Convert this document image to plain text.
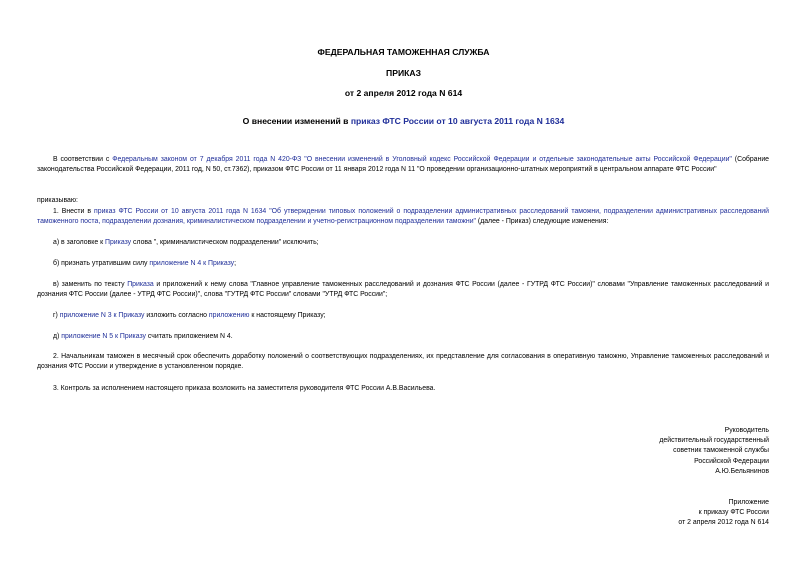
ФЕДЕРАЛЬНАЯ ТАМОЖЕННАЯ СЛУЖБА
ПРИКАЗ
от 2 апреля 2012 года N 614
О внесении изменений в приказ ФТС России от 10 августа 2011 года N 1634
В соответствии с Федеральным законом от 7 декабря 2011 года N 420-ФЗ "О внесении изменений в Уголовный кодекс Российской Федерации и отдельные законодательные акты Российской Федерации" (Собрание законодательства Российской Федерации, 2011 год, N 50, ст.7362), приказом ФТС России от 11 января 2012 года N 11 "О проведении организационно-штатных мероприятий в центральном аппарате ФТС России"
приказываю:
1. Внести в приказ ФТС России от 10 августа 2011 года N 1634 "Об утверждении типовых положений о подразделении административных расследований таможни, подразделении административных расследований таможенного поста, подразделении дознания, криминалистическом подразделении и учетно-регистрационном подразделении таможни" (далее - Приказ) следующие изменения:
а) в заголовке к Приказу слова ", криминалистическом подразделении" исключить;
б) признать утратившим силу приложение N 4 к Приказу;
в) заменить по тексту Приказа и приложений к нему слова "Главное управление таможенных расследований и дознания ФТС России (далее - ГУТРД ФТС России)" словами "Управление таможенных расследований и дознания ФТС России (далее - УТРД ФТС России)", слова "ГУТРД ФТС России" словами "УТРД ФТС России";
г) приложение N 3 к Приказу изложить согласно приложению к настоящему Приказу;
д) приложение N 5 к Приказу считать приложением N 4.
2. Начальникам таможен в месячный срок обеспечить доработку положений о соответствующих подразделениях, их представление для согласования в оперативную таможню, Управление таможенных расследований и дознания ФТС России и утверждение в установленном порядке.
3. Контроль за исполнением настоящего приказа возложить на заместителя руководителя ФТС России А.В.Васильева.
Руководитель
действительный государственный
советник таможенной службы
Российской Федерации
А.Ю.Бельянинов
Приложение
к приказу ФТС России
от 2 апреля 2012 года N 614
